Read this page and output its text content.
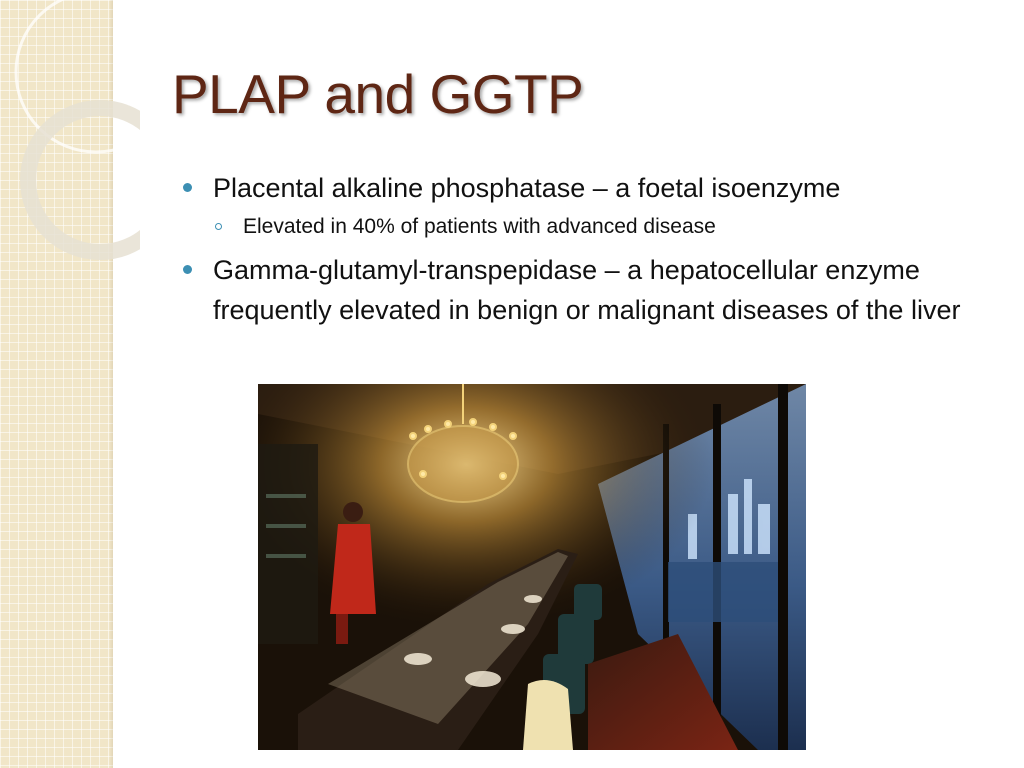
PLAP and GGTP
Placental alkaline phosphatase – a foetal isoenzyme
Elevated in 40% of patients with advanced disease
Gamma-glutamyl-transpepidase – a hepatocellular enzyme frequently elevated in benign or malignant diseases of the liver
